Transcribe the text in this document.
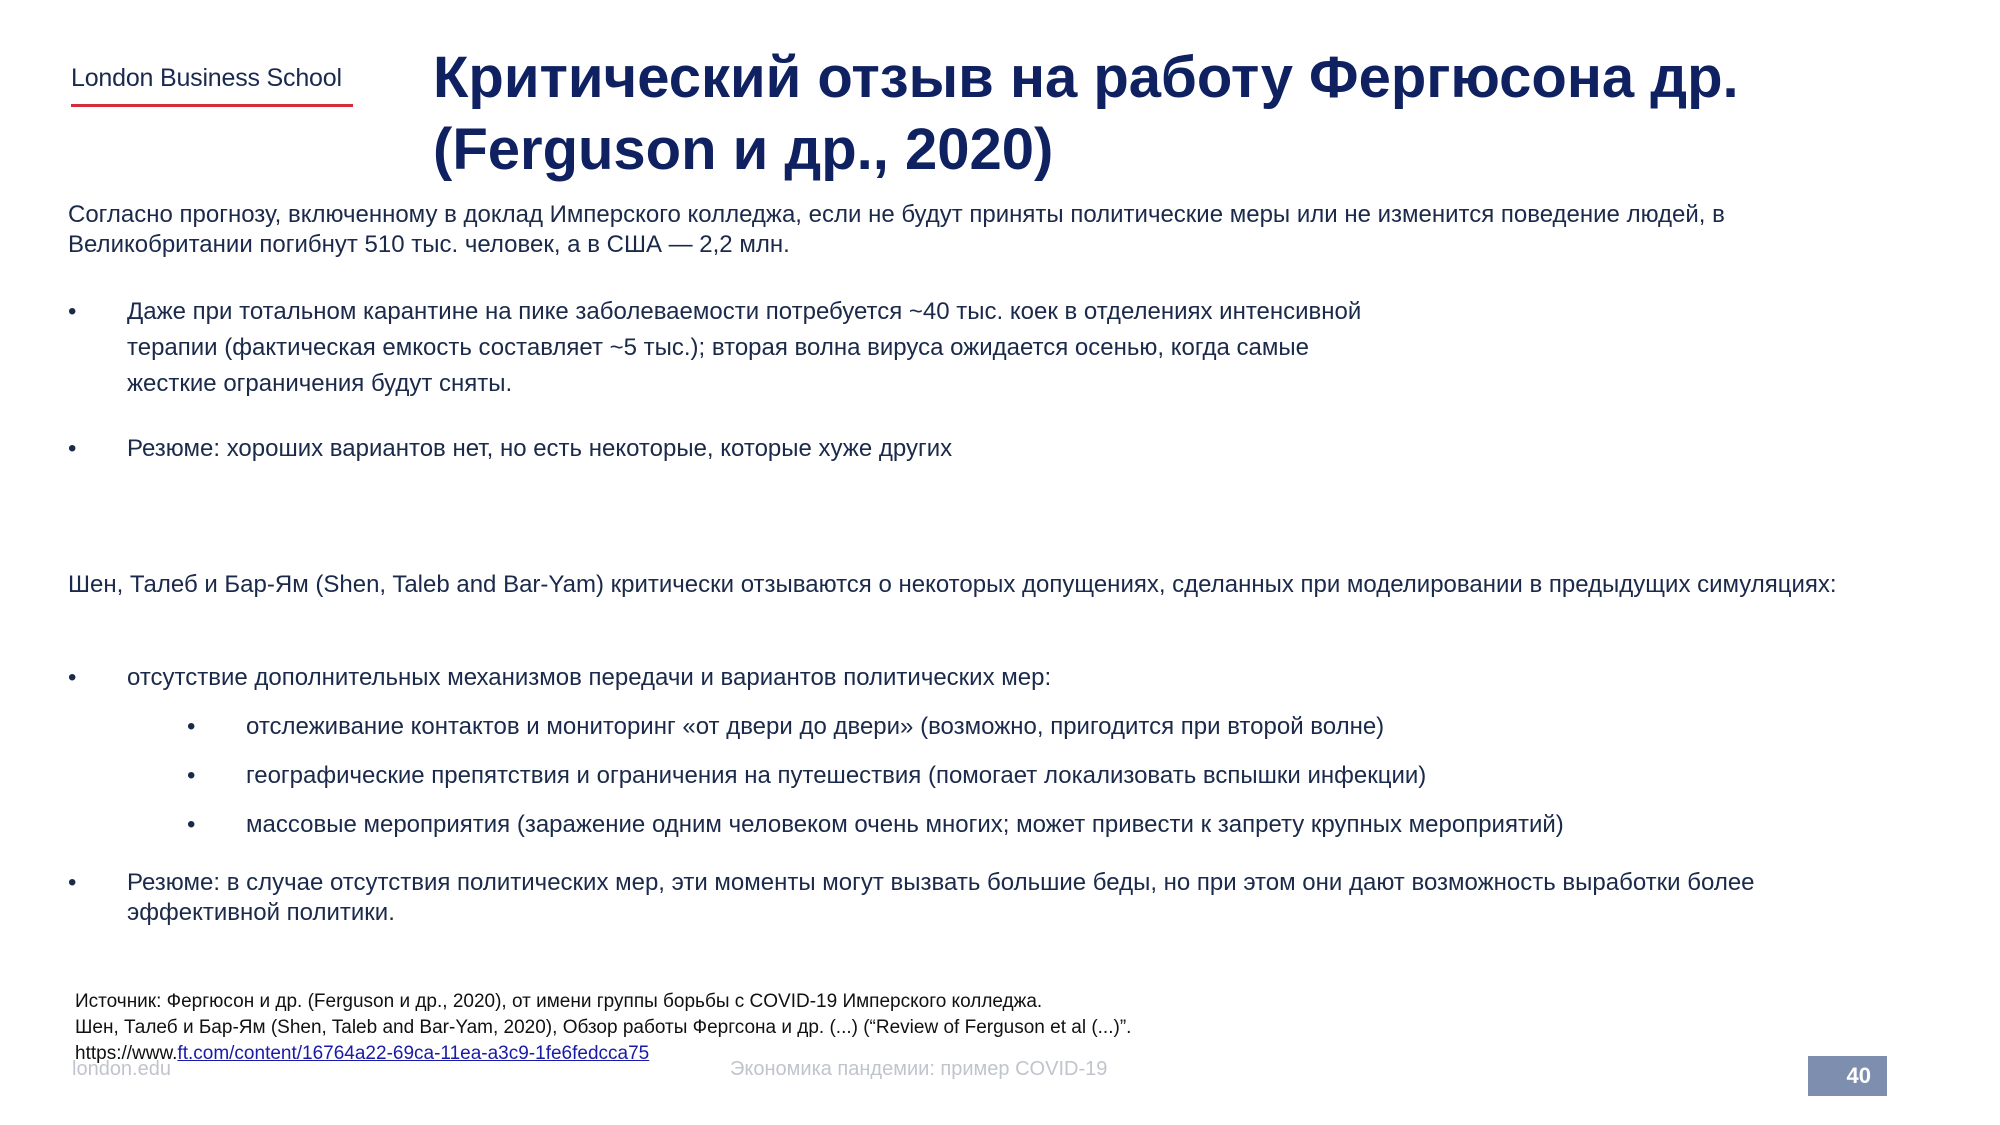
London Business School Критический отзыв на работу Фергюсона др.
(Ferguson и др., 2020)

Согласно прогнозу, включенному в доклад Имперского колледжа, если не будут приняты политические меры или не изменится поведение людей, в Великобритании погибнут 510 тыс. человек, а в США — 2,2 млн.

• Даже при тотальном карантине на пике заболеваемости потребуется ~40 тыс. коек в отделениях интенсивной
терапии (фактическая емкость составляет ~5 тыс.); вторая волна вируса ожидается осенью, когда самые
жесткие ограничения будут сняты.
• Резюме: хороших вариантов нет, но есть некоторые, которые хуже других

Шен, Талеб и Бар-Ям (Shen, Taleb and Bar-Yam) критически отзываются о некоторых допущениях, сделанных при моделировании в предыдущих симуляциях:

• отсутствие дополнительных механизмов передачи и вариантов политических мер:
• отслеживание контактов и мониторинг «от двери до двери» (возможно, пригодится при второй волне)
• географические препятствия и ограничения на путешествия (помогает локализовать вспышки инфекции)
• массовые мероприятия (заражение одним человеком очень многих; может привести к запрету крупных мероприятий)
• Резюме: в случае отсутствия политических мер, эти моменты могут вызвать большие беды, но при этом они дают возможность выработки более
эффективной политики.
Источник: Фергюсон и др. (Ferguson и др., 2020), от имени группы борьбы с COVID-19 Имперского колледжа.
Шен, Талеб и Бар-Ям (Shen, Taleb and Bar-Yam, 2020), Обзор работы Фергсона и др. (...) (“Review of Ferguson et al (...)”.
https://www.ft.com/content/16764a22-69ca-11ea-a3c9-1fe6fedcca75
london.edu	Экономика пандемии: пример COVID-19	40
